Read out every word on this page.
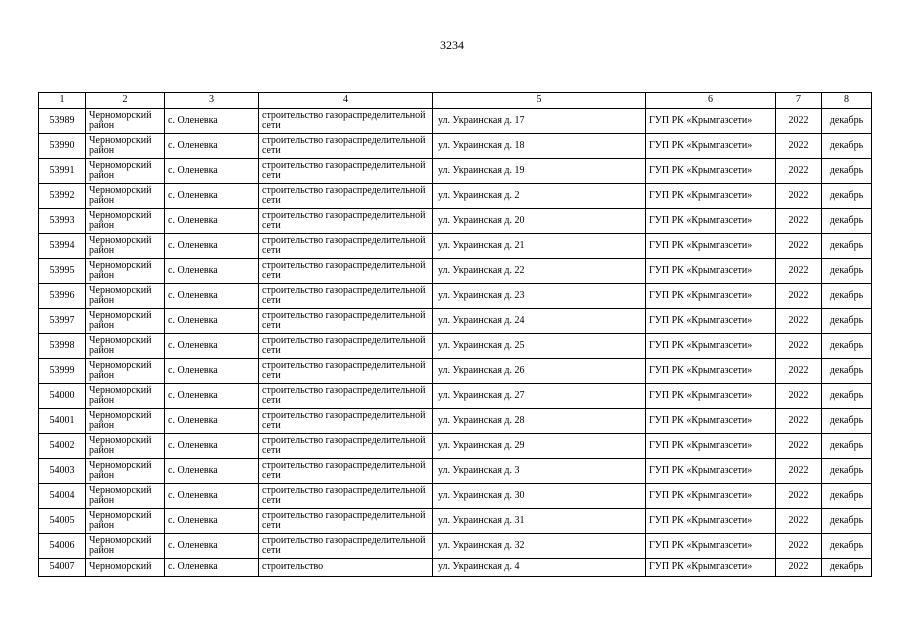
3234
1	2	3	4	5	6	7	8
53989	Черноморский район	с. Оленевка	строительство газораспределительной сети	ул. Украинская д. 17	ГУП РК «Крымгазсети»	2022	декабрь
53990	Черноморский район	с. Оленевка	строительство газораспределительной сети	ул. Украинская д. 18	ГУП РК «Крымгазсети»	2022	декабрь
53991	Черноморский район	с. Оленевка	строительство газораспределительной сети	ул. Украинская д. 19	ГУП РК «Крымгазсети»	2022	декабрь
53992	Черноморский район	с. Оленевка	строительство газораспределительной сети	ул. Украинская д. 2	ГУП РК «Крымгазсети»	2022	декабрь
53993	Черноморский район	с. Оленевка	строительство газораспределительной сети	ул. Украинская д. 20	ГУП РК «Крымгазсети»	2022	декабрь
53994	Черноморский район	с. Оленевка	строительство газораспределительной сети	ул. Украинская д. 21	ГУП РК «Крымгазсети»	2022	декабрь
53995	Черноморский район	с. Оленевка	строительство газораспределительной сети	ул. Украинская д. 22	ГУП РК «Крымгазсети»	2022	декабрь
53996	Черноморский район	с. Оленевка	строительство газораспределительной сети	ул. Украинская д. 23	ГУП РК «Крымгазсети»	2022	декабрь
53997	Черноморский район	с. Оленевка	строительство газораспределительной сети	ул. Украинская д. 24	ГУП РК «Крымгазсети»	2022	декабрь
53998	Черноморский район	с. Оленевка	строительство газораспределительной сети	ул. Украинская д. 25	ГУП РК «Крымгазсети»	2022	декабрь
53999	Черноморский район	с. Оленевка	строительство газораспределительной сети	ул. Украинская д. 26	ГУП РК «Крымгазсети»	2022	декабрь
54000	Черноморский район	с. Оленевка	строительство газораспределительной сети	ул. Украинская д. 27	ГУП РК «Крымгазсети»	2022	декабрь
54001	Черноморский район	с. Оленевка	строительство газораспределительной сети	ул. Украинская д. 28	ГУП РК «Крымгазсети»	2022	декабрь
54002	Черноморский район	с. Оленевка	строительство газораспределительной сети	ул. Украинская д. 29	ГУП РК «Крымгазсети»	2022	декабрь
54003	Черноморский район	с. Оленевка	строительство газораспределительной сети	ул. Украинская д. 3	ГУП РК «Крымгазсети»	2022	декабрь
54004	Черноморский район	с. Оленевка	строительство газораспределительной сети	ул. Украинская д. 30	ГУП РК «Крымгазсети»	2022	декабрь
54005	Черноморский район	с. Оленевка	строительство газораспределительной сети	ул. Украинская д. 31	ГУП РК «Крымгазсети»	2022	декабрь
54006	Черноморский район	с. Оленевка	строительство газораспределительной сети	ул. Украинская д. 32	ГУП РК «Крымгазсети»	2022	декабрь
54007	Черноморский	с. Оленевка	строительство	ул. Украинская д. 4	ГУП РК «Крымгазсети»	2022	декабрь
